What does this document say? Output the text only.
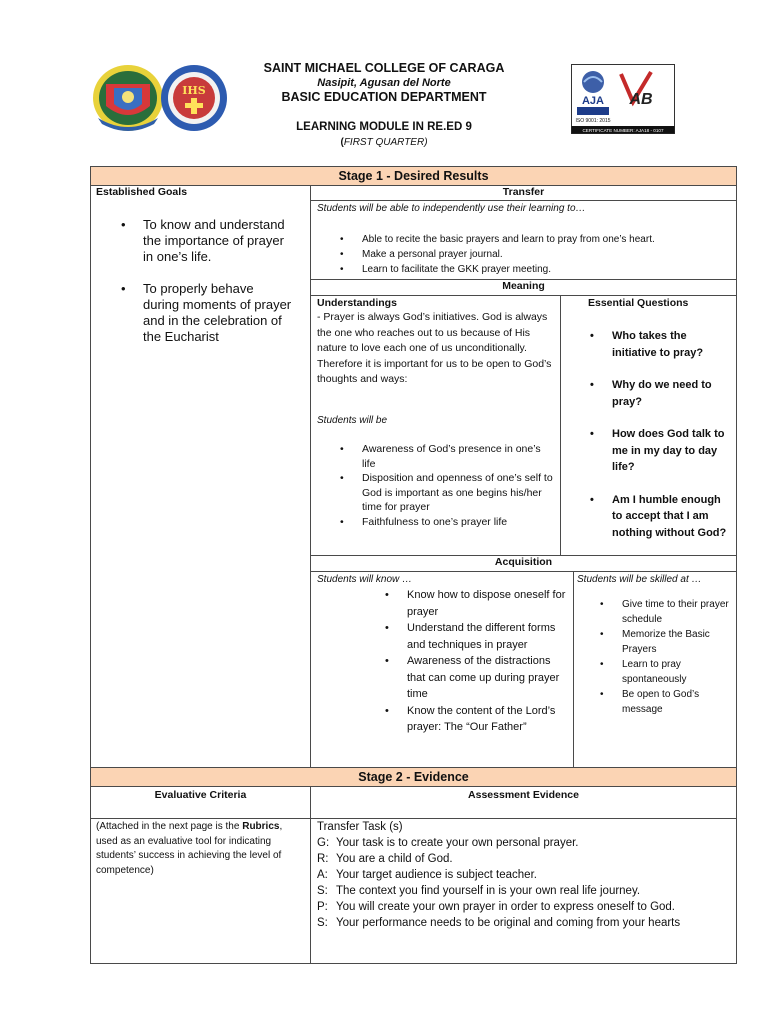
IHS
AJA
ISO 9001: 2015
AB
CERTIFICATE NUMBER: AJA18 - 0107
SAINT MICHAEL COLLEGE OF CARAGA
Nasipit, Agusan del Norte
BASIC EDUCATION DEPARTMENT
LEARNING MODULE IN RE.ED 9
(FIRST QUARTER)
Stage 1 - Desired Results
Stage 2 - Evidence
Established Goals
• To know and understand the importance of prayer in one’s life.
• To properly behave during moments of prayer and in the celebration of the Eucharist
Transfer
Students will be able to independently use their learning to…
• Able to recite the basic prayers and learn to pray from one’s heart.
• Make a personal prayer journal.
• Learn to facilitate the GKK prayer meeting.
Meaning
Understandings
- Prayer is always God’s initiatives. God is always the one who reaches out to us because of His nature to love each one of us unconditionally. Therefore it is important for us to be open to God’s thoughts and ways:
Students will be
• Awareness of God’s presence in one’s life
• Disposition and openness of one’s self to God is important as one begins his/her time for prayer
• Faithfulness to one’s prayer life
Essential Questions
• Who takes the initiative to pray?
• Why do we need to pray?
• How does God talk to me in my day to day life?
• Am I humble enough to accept that I am nothing without God?
Acquisition
Students will know …
• Know how to dispose oneself for prayer
• Understand the different forms and techniques in prayer
• Awareness of the distractions that can come up during prayer time
• Know the content of the Lord’s prayer: The “Our Father”
Students will be skilled at …
• Give time to their prayer schedule
• Memorize the Basic Prayers
• Learn to pray spontaneously
• Be open to God’s message
Evaluative Criteria	Assessment Evidence
(Attached in the next page is the Rubrics, used as an evaluative tool for indicating students’ success in achieving the level of competence)
Transfer Task (s)
G: Your task is to create your own personal prayer.
R: You are a child of God.
A: Your target audience is subject teacher.
S: The context you find yourself in is your own real life journey.
P: You will create your own prayer in order to express oneself to God.
S: Your performance needs to be original and coming from your hearts
